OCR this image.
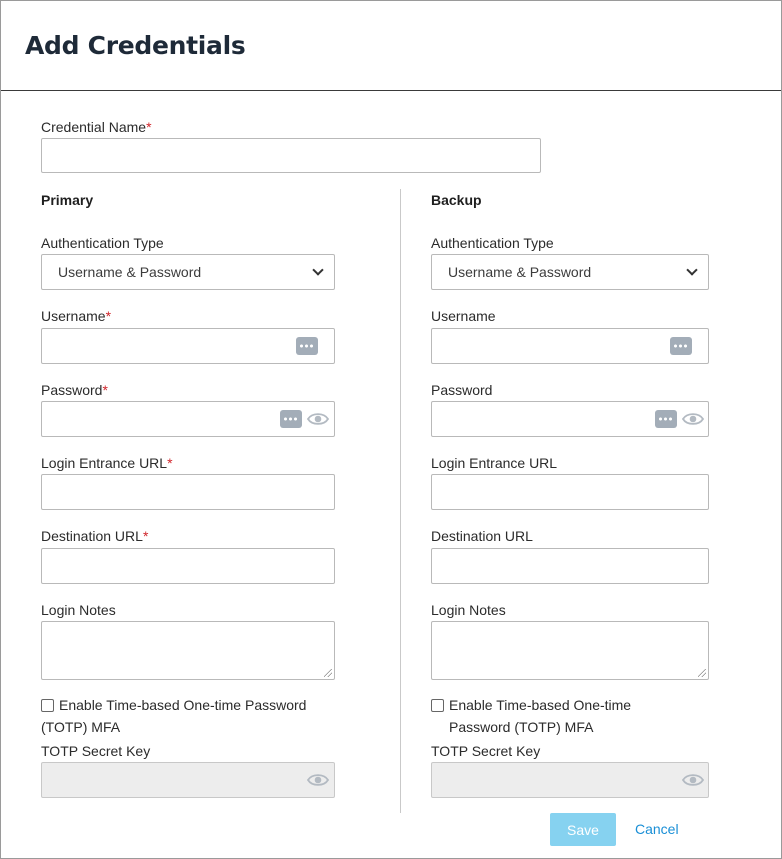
Add Credentials
Credential Name*
Primary	Backup
Authentication Type
Username & Password
Username*
Password*
Login Entrance URL*
Destination URL*
Login Notes
Enable Time-based One-time Password
(TOTP) MFA
TOTP Secret Key
Authentication Type
Username & Password
Username
Password
Login Entrance URL
Destination URL
Login Notes
Enable Time-based One-time
Password (TOTP) MFA
TOTP Secret Key
Save	Cancel
